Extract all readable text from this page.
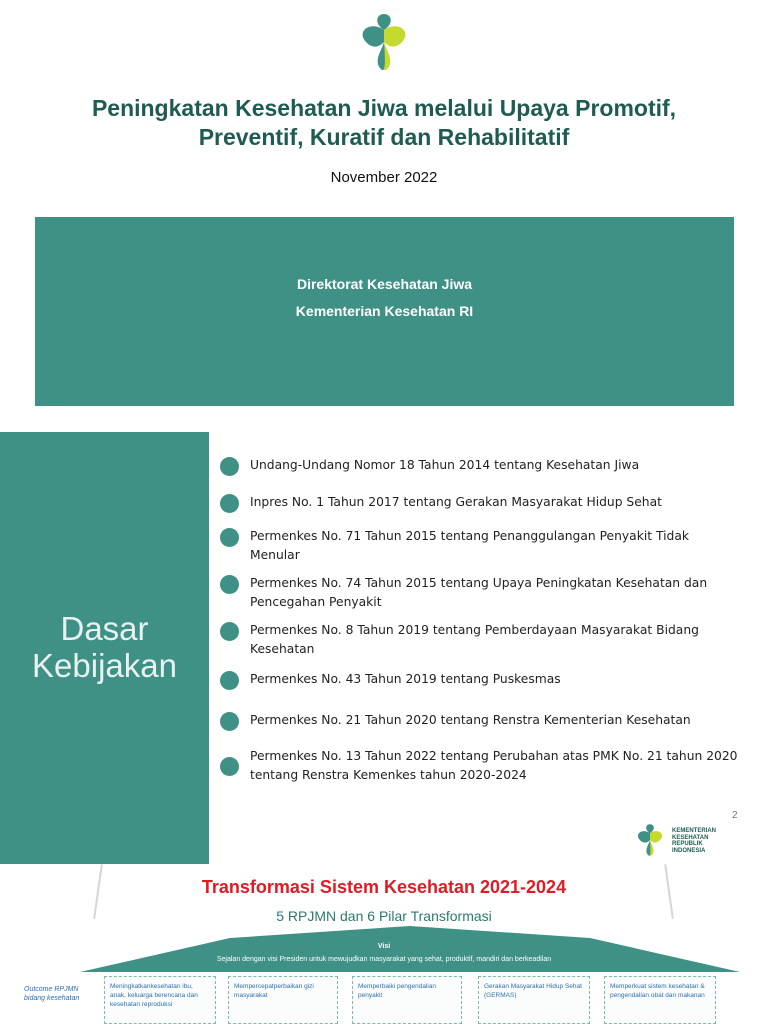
Peningkatan Kesehatan Jiwa melalui Upaya Promotif,
Preventif, Kuratif dan Rehabilitatif
November 2022
Direktorat Kesehatan Jiwa
Kementerian Kesehatan RI
Dasar
Kebijakan
Undang-Undang Nomor 18 Tahun 2014 tentang Kesehatan Jiwa
Inpres No. 1 Tahun 2017 tentang Gerakan Masyarakat Hidup Sehat
Permenkes No. 71 Tahun 2015 tentang Penanggulangan Penyakit Tidak Menular
Permenkes No. 74 Tahun 2015 tentang Upaya Peningkatan Kesehatan dan Pencegahan Penyakit
Permenkes No. 8 Tahun 2019 tentang Pemberdayaan Masyarakat Bidang Kesehatan
Permenkes No. 43 Tahun 2019 tentang Puskesmas
Permenkes No. 21 Tahun 2020 tentang Renstra Kementerian Kesehatan
Permenkes No. 13 Tahun 2022 tentang Perubahan atas PMK No. 21 tahun 2020 tentang Renstra Kemenkes tahun 2020-2024
2
KEMENTERIAN
KESEHATAN
REPUBLIK
INDONESIA
Transformasi Sistem Kesehatan 2021-2024
5 RPJMN dan 6 Pilar Transformasi
Visi
Sejalan dengan visi Presiden untuk mewujudkan masyarakat yang sehat, produktif, mandiri dan berkeadilan
Outcome RPJMN bidang kesehatan
Meningkatkankesehatan ibu, anak, keluarga berencana dan kesehatan reproduksi
Mempercepatperbaikan gizi masyarakat
Memperbaiki pengendalian penyakit
Gerakan Masyarakat Hidup Sehat (GERMAS)
Memperkuat sistem kesehatan & pengendalian obat dan makanan
